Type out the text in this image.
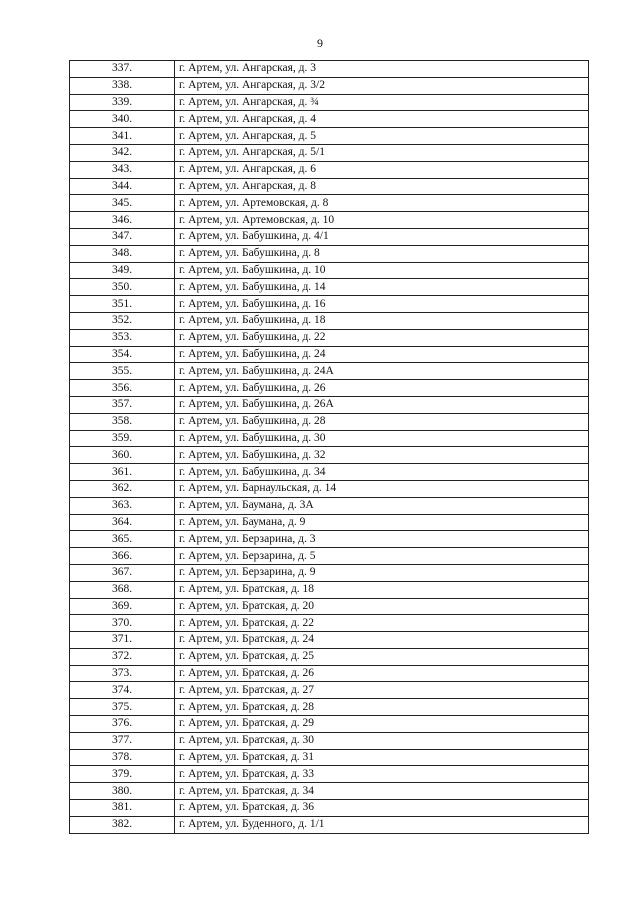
9
337.	г. Артем, ул. Ангарская, д. 3
338.	г. Артем, ул. Ангарская, д. 3/2
339.	г. Артем, ул. Ангарская, д. ¾
340.	г. Артем, ул. Ангарская, д. 4
341.	г. Артем, ул. Ангарская, д. 5
342.	г. Артем, ул. Ангарская, д. 5/1
343.	г. Артем, ул. Ангарская, д. 6
344.	г. Артем, ул. Ангарская, д. 8
345.	г. Артем, ул. Артемовская, д. 8
346.	г. Артем, ул. Артемовская, д. 10
347.	г. Артем, ул. Бабушкина, д. 4/1
348.	г. Артем, ул. Бабушкина, д. 8
349.	г. Артем, ул. Бабушкина, д. 10
350.	г. Артем, ул. Бабушкина, д. 14
351.	г. Артем, ул. Бабушкина, д. 16
352.	г. Артем, ул. Бабушкина, д. 18
353.	г. Артем, ул. Бабушкина, д. 22
354.	г. Артем, ул. Бабушкина, д. 24
355.	г. Артем, ул. Бабушкина, д. 24А
356.	г. Артем, ул. Бабушкина, д. 26
357.	г. Артем, ул. Бабушкина, д. 26А
358.	г. Артем, ул. Бабушкина, д. 28
359.	г. Артем, ул. Бабушкина, д. 30
360.	г. Артем, ул. Бабушкина, д. 32
361.	г. Артем, ул. Бабушкина, д. 34
362.	г. Артем, ул. Барнаульская, д. 14
363.	г. Артем, ул. Баумана, д. 3А
364.	г. Артем, ул. Баумана, д. 9
365.	г. Артем, ул. Берзарина, д. 3
366.	г. Артем, ул. Берзарина, д. 5
367.	г. Артем, ул. Берзарина, д. 9
368.	г. Артем, ул. Братская, д. 18
369.	г. Артем, ул. Братская, д. 20
370.	г. Артем, ул. Братская, д. 22
371.	г. Артем, ул. Братская, д. 24
372.	г. Артем, ул. Братская, д. 25
373.	г. Артем, ул. Братская, д. 26
374.	г. Артем, ул. Братская, д. 27
375.	г. Артем, ул. Братская, д. 28
376.	г. Артем, ул. Братская, д. 29
377.	г. Артем, ул. Братская, д. 30
378.	г. Артем, ул. Братская, д. 31
379.	г. Артем, ул. Братская, д. 33
380.	г. Артем, ул. Братская, д. 34
381.	г. Артем, ул. Братская, д. 36
382.	г. Артем, ул. Буденного, д. 1/1
